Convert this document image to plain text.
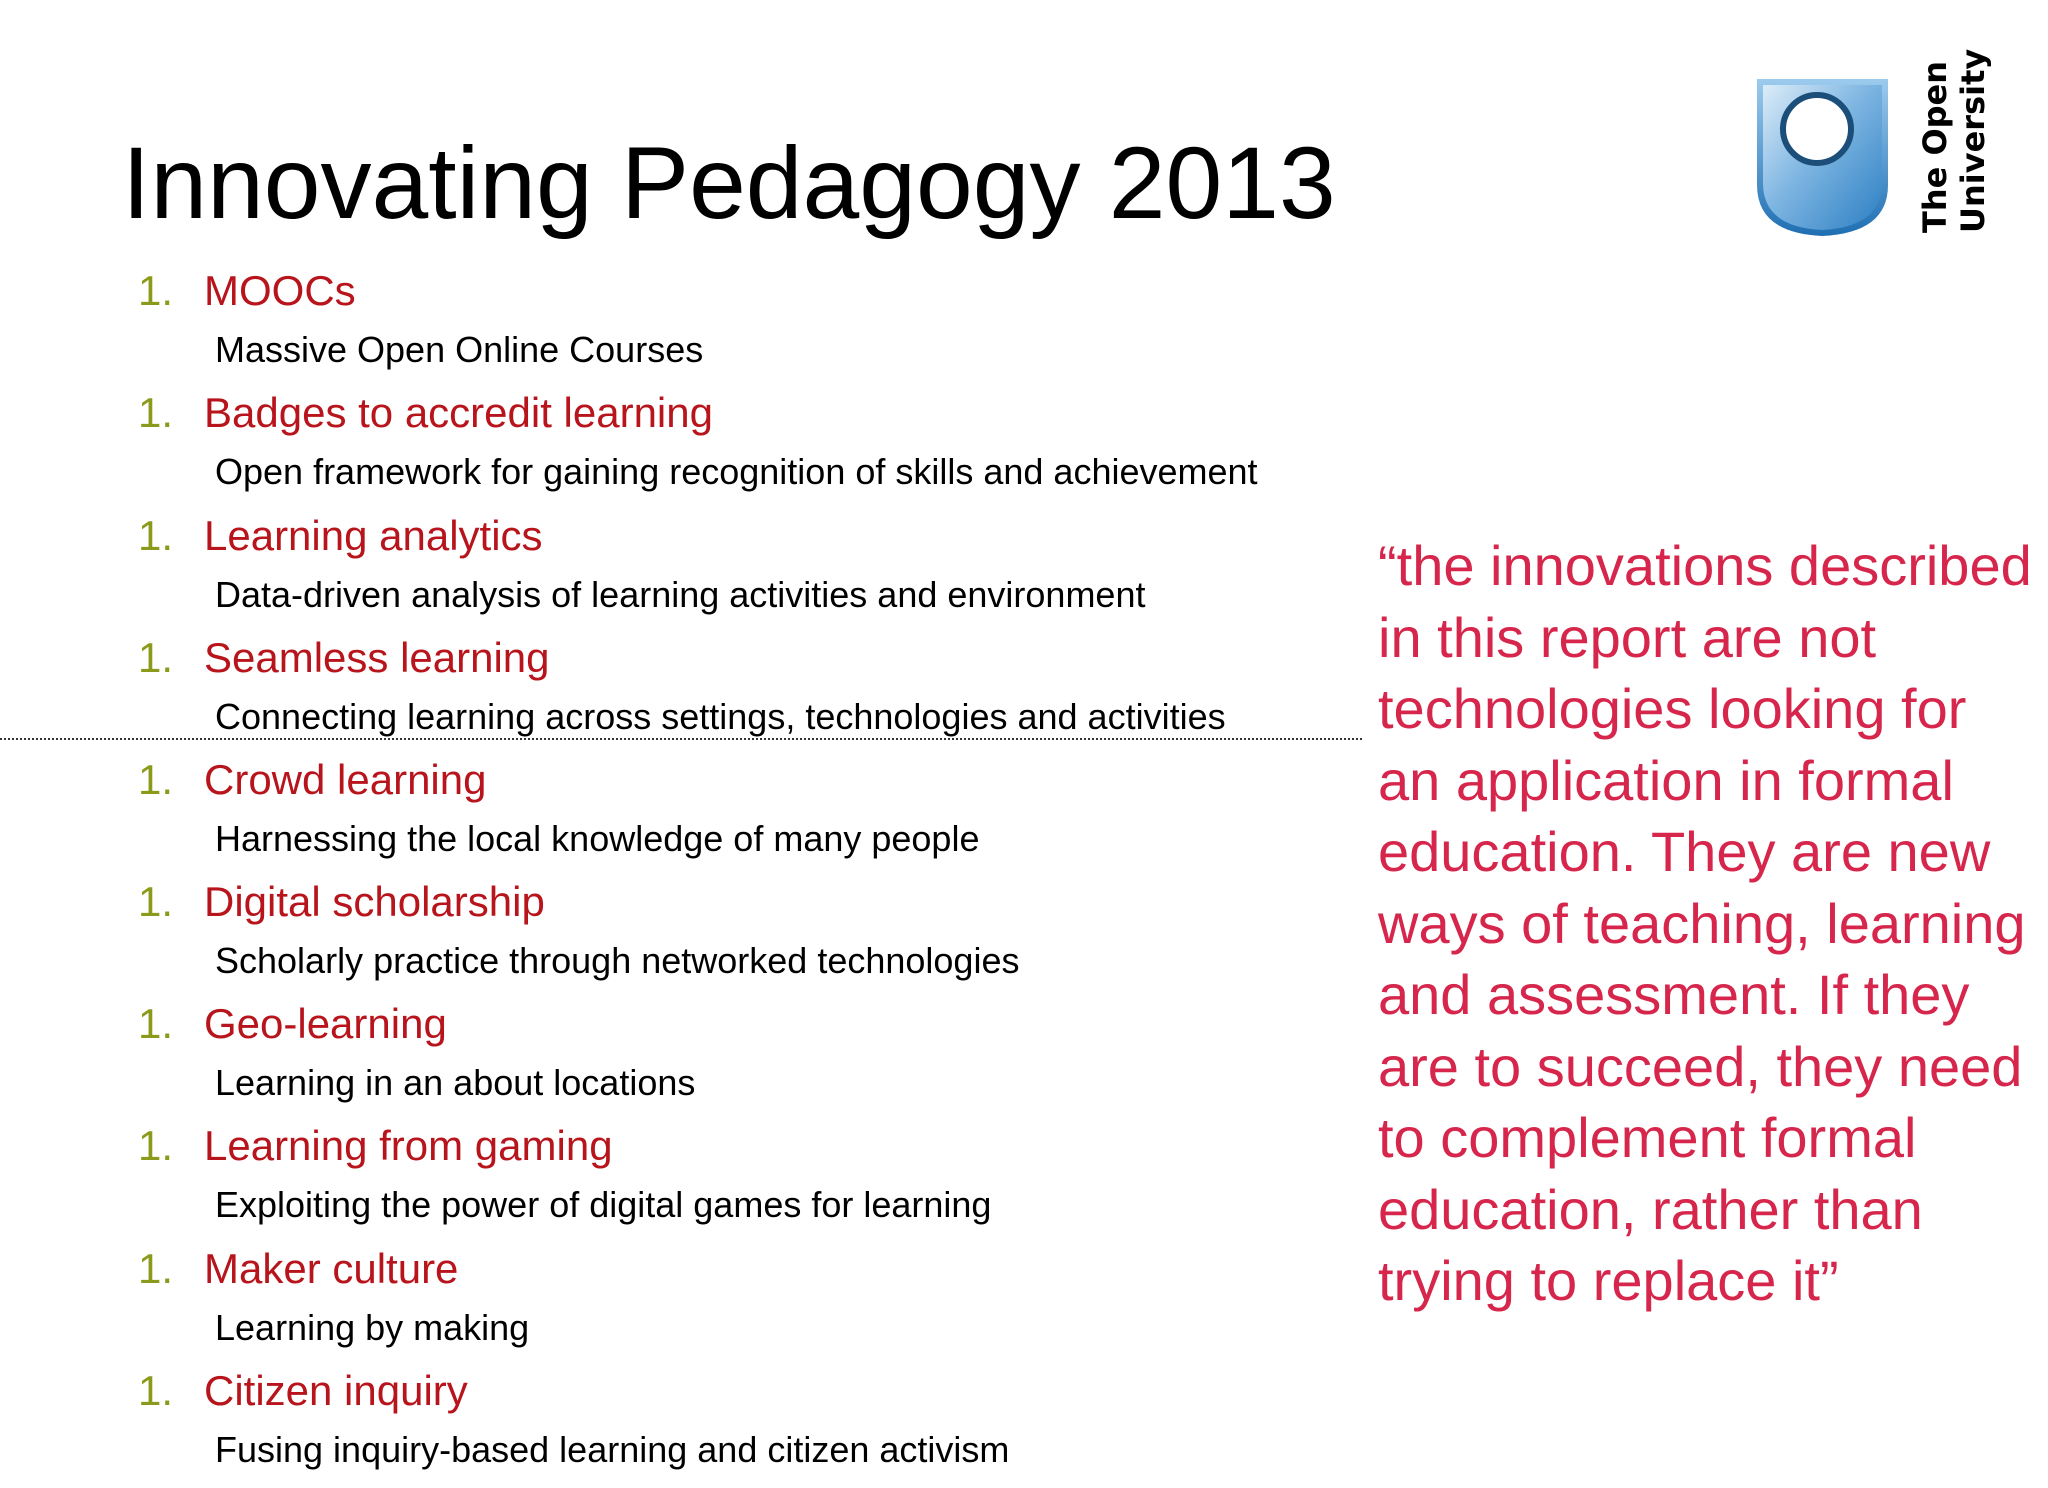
Innovating Pedagogy 2013	The Open University
1. MOOCs
Massive Open Online Courses
1. Badges to accredit learning
Open framework for gaining recognition of skills and achievement
1. Learning analytics
Data-driven analysis of learning activities and environment
1. Seamless learning
Connecting learning across settings, technologies and activities
1. Crowd learning
Harnessing the local knowledge of many people
1. Digital scholarship
Scholarly practice through networked technologies
1. Geo-learning
Learning in an about locations
1. Learning from gaming
Exploiting the power of digital games for learning
1. Maker culture
Learning by making
1. Citizen inquiry
Fusing inquiry-based learning and citizen activism

“the innovations described in this report are not technologies looking for an application in formal education. They are new ways of teaching, learning and assessment. If they are to succeed, they need to complement formal education, rather than trying to replace it”
